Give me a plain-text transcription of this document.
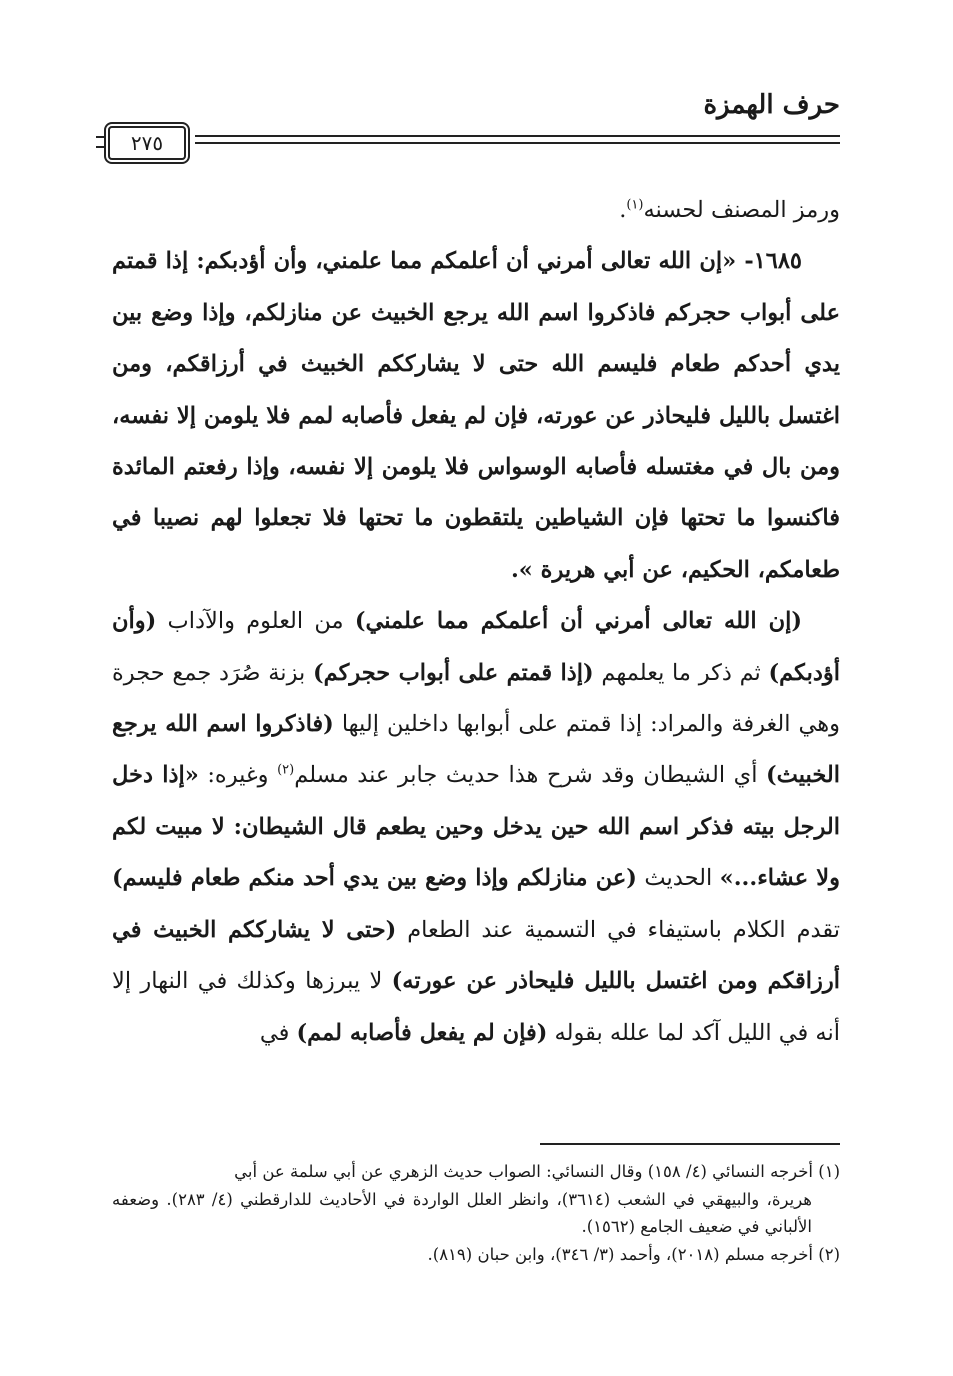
حرف الهمزة
٢٧٥

ورمز المصنف لحسنه$^{(١)}$.

١٦٨٥- «إن الله تعالى أمرني أن أعلمكم مما علمني، وأن أؤدبكم: إذا قمتم على أبواب حجركم فاذكروا اسم الله يرجع الخبيث عن منازلكم، وإذا وضع بين يدي أحدكم طعام فليسم الله حتى لا يشارككم الخبيث في أرزاقكم، ومن اغتسل بالليل فليحاذر عن عورته، فإن لم يفعل فأصابه لمم فلا يلومن إلا نفسه، ومن بال في مغتسله فأصابه الوسواس فلا يلومن إلا نفسه، وإذا رفعتم المائدة فاكنسوا ما تحتها فإن الشياطين يلتقطون ما تحتها فلا تجعلوا لهم نصيبا في طعامكم، الحكيم، عن أبي هريرة ».

(إن الله تعالى أمرني أن أعلمكم مما علمني) من العلوم والآداب (وأن أؤدبكم) ثم ذكر ما يعلمهم (إذا قمتم على أبواب حجركم) بزنة صُرَد جمع حجرة وهي الغرفة والمراد: إذا قمتم على أبوابها داخلين إليها (فاذكروا اسم الله يرجع الخبيث) أي الشيطان وقد شرح هذا حديث جابر عند مسلم$^{(٢)}$ وغيره: «إذا دخل الرجل بيته فذكر اسم الله حين يدخل وحين يطعم قال الشيطان: لا مبيت لكم ولا عشاء...» الحديث (عن منازلكم وإذا وضع بين يدي أحد منكم طعام فليسم) تقدم الكلام باستيفاء في التسمية عند الطعام (حتى لا يشارككم الخبيث في أرزاقكم ومن اغتسل بالليل فليحاذر عن عورته) لا يبرزها وكذلك في النهار إلا أنه في الليل آكد لما علله بقوله (فإن لم يفعل فأصابه لمم) في

(١) أخرجه النسائي (٤/ ١٥٨) وقال النسائي: الصواب حديث الزهري عن أبي سلمة عن أبي
هريرة، والبيهقي في الشعب (٣٦١٤)، وانظر العلل الواردة في الأحاديث للدارقطني (٤/ ٢٨٣). وضعفه الألباني في ضعيف الجامع (١٥٦٢).

(٢) أخرجه مسلم (٢٠١٨)، وأحمد (٣/ ٣٤٦)، وابن حبان (٨١٩).
